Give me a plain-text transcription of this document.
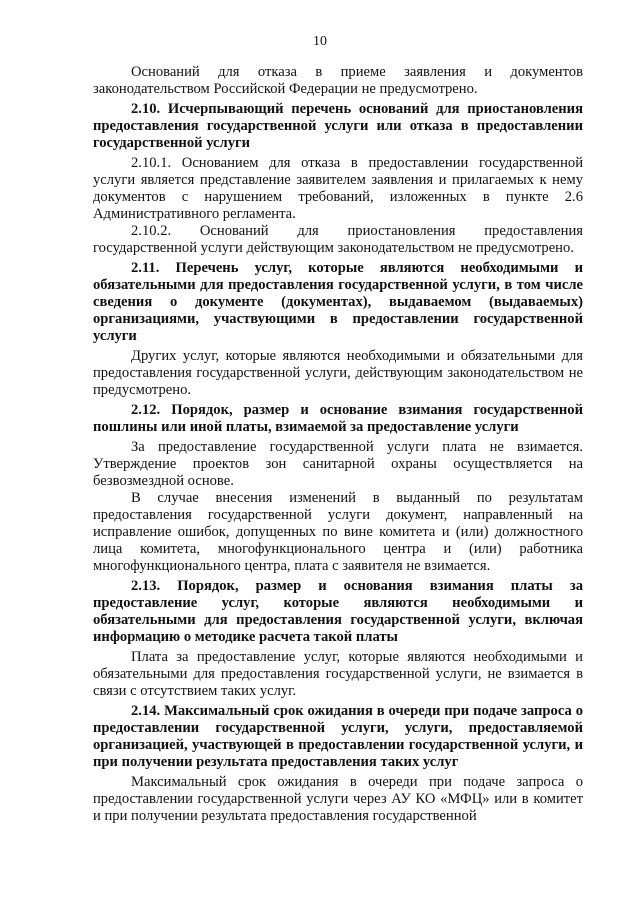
10

Оснований для отказа в приеме заявления и документов законодательством Российской Федерации не предусмотрено.

2.10. Исчерпывающий перечень оснований для приостановления предоставления государственной услуги или отказа в предоставлении государственной услуги

2.10.1. Основанием для отказа в предоставлении государственной услуги является представление заявителем заявления и прилагаемых к нему документов с нарушением требований, изложенных в пункте 2.6 Административного регламента.

2.10.2. Оснований для приостановления предоставления государственной услуги действующим законодательством не предусмотрено.

2.11. Перечень услуг, которые являются необходимыми и обязательными для предоставления государственной услуги, в том числе сведения о документе (документах), выдаваемом (выдаваемых) организациями, участвующими в предоставлении государственной услуги

Других услуг, которые являются необходимыми и обязательными для предоставления государственной услуги, действующим законодательством не предусмотрено.

2.12. Порядок, размер и основание взимания государственной пошлины или иной платы, взимаемой за предоставление услуги

За предоставление государственной услуги плата не взимается. Утверждение проектов зон санитарной охраны осуществляется на безвозмездной основе.

В случае внесения изменений в выданный по результатам предоставления государственной услуги документ, направленный на исправление ошибок, допущенных по вине комитета и (или) должностного лица комитета, многофункционального центра и (или) работника многофункционального центра, плата с заявителя не взимается.

2.13. Порядок, размер и основания взимания платы за предоставление услуг, которые являются необходимыми и обязательными для предоставления государственной услуги, включая информацию о методике расчета такой платы

Плата за предоставление услуг, которые являются необходимыми и обязательными для предоставления государственной услуги, не взимается в связи с отсутствием таких услуг.

2.14. Максимальный срок ожидания в очереди при подаче запроса о предоставлении государственной услуги, услуги, предоставляемой организацией, участвующей в предоставлении государственной услуги, и при получении результата предоставления таких услуг

Максимальный срок ожидания в очереди при подаче запроса о предоставлении государственной услуги через АУ КО «МФЦ» или в комитет и при получении результата предоставления государственной
